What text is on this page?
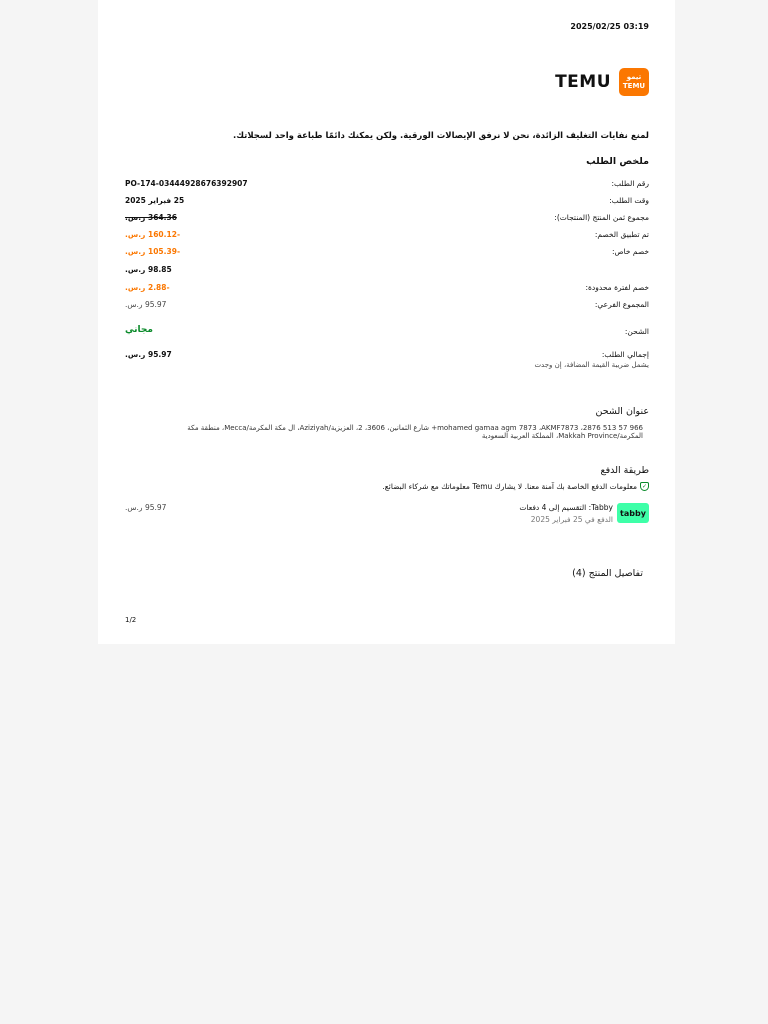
2025/02/25 03:19
TEMU تيمو
TEMU
لمنع نفايات التغليف الزائدة، نحن لا نرفق الإيصالات الورقية. ولكن يمكنك دائمًا طباعة واحد لسجلاتك.
ملخص الطلب
رقم الطلب:
PO-174-03444928676392907
وقت الطلب:
25 فبراير 2025
مجموع ثمن المنتج (المنتجات):
364.36 ر.س.
تم تطبيق الخصم:
-160.12 ر.س.
خصم خاص:
-105.39 ر.س.
98.85 ر.س.
خصم لفترة محدودة:
-2.88 ر.س.
المجموع الفرعي:
95.97 ر.س.
الشحن:
مجاني
إجمالي الطلب:
يشمل ضريبة القيمة المضافة، إن وجدت
95.97 ر.س.
عنوان الشحن
mohamed gamaa agm 7873 ،AKMF7873 ،2876 513 57 966+ شارع الثمانين، 3606، 2، العزيزية/Aziziyah، ال مكة المكرمة/Mecca، منطقة مكة
المكرمة/Makkah Province، المملكة العربية السعودية
طريقة الدفع
✓
معلومات الدفع الخاصة بك آمنة معنا. لا يشارك Temu معلوماتك مع شركاء البضائع.
tabby
Tabby: التقسيم إلى 4 دفعات
الدفع في 25 فبراير 2025
95.97 ر.س.
تفاصيل المنتج (4)
1/2
